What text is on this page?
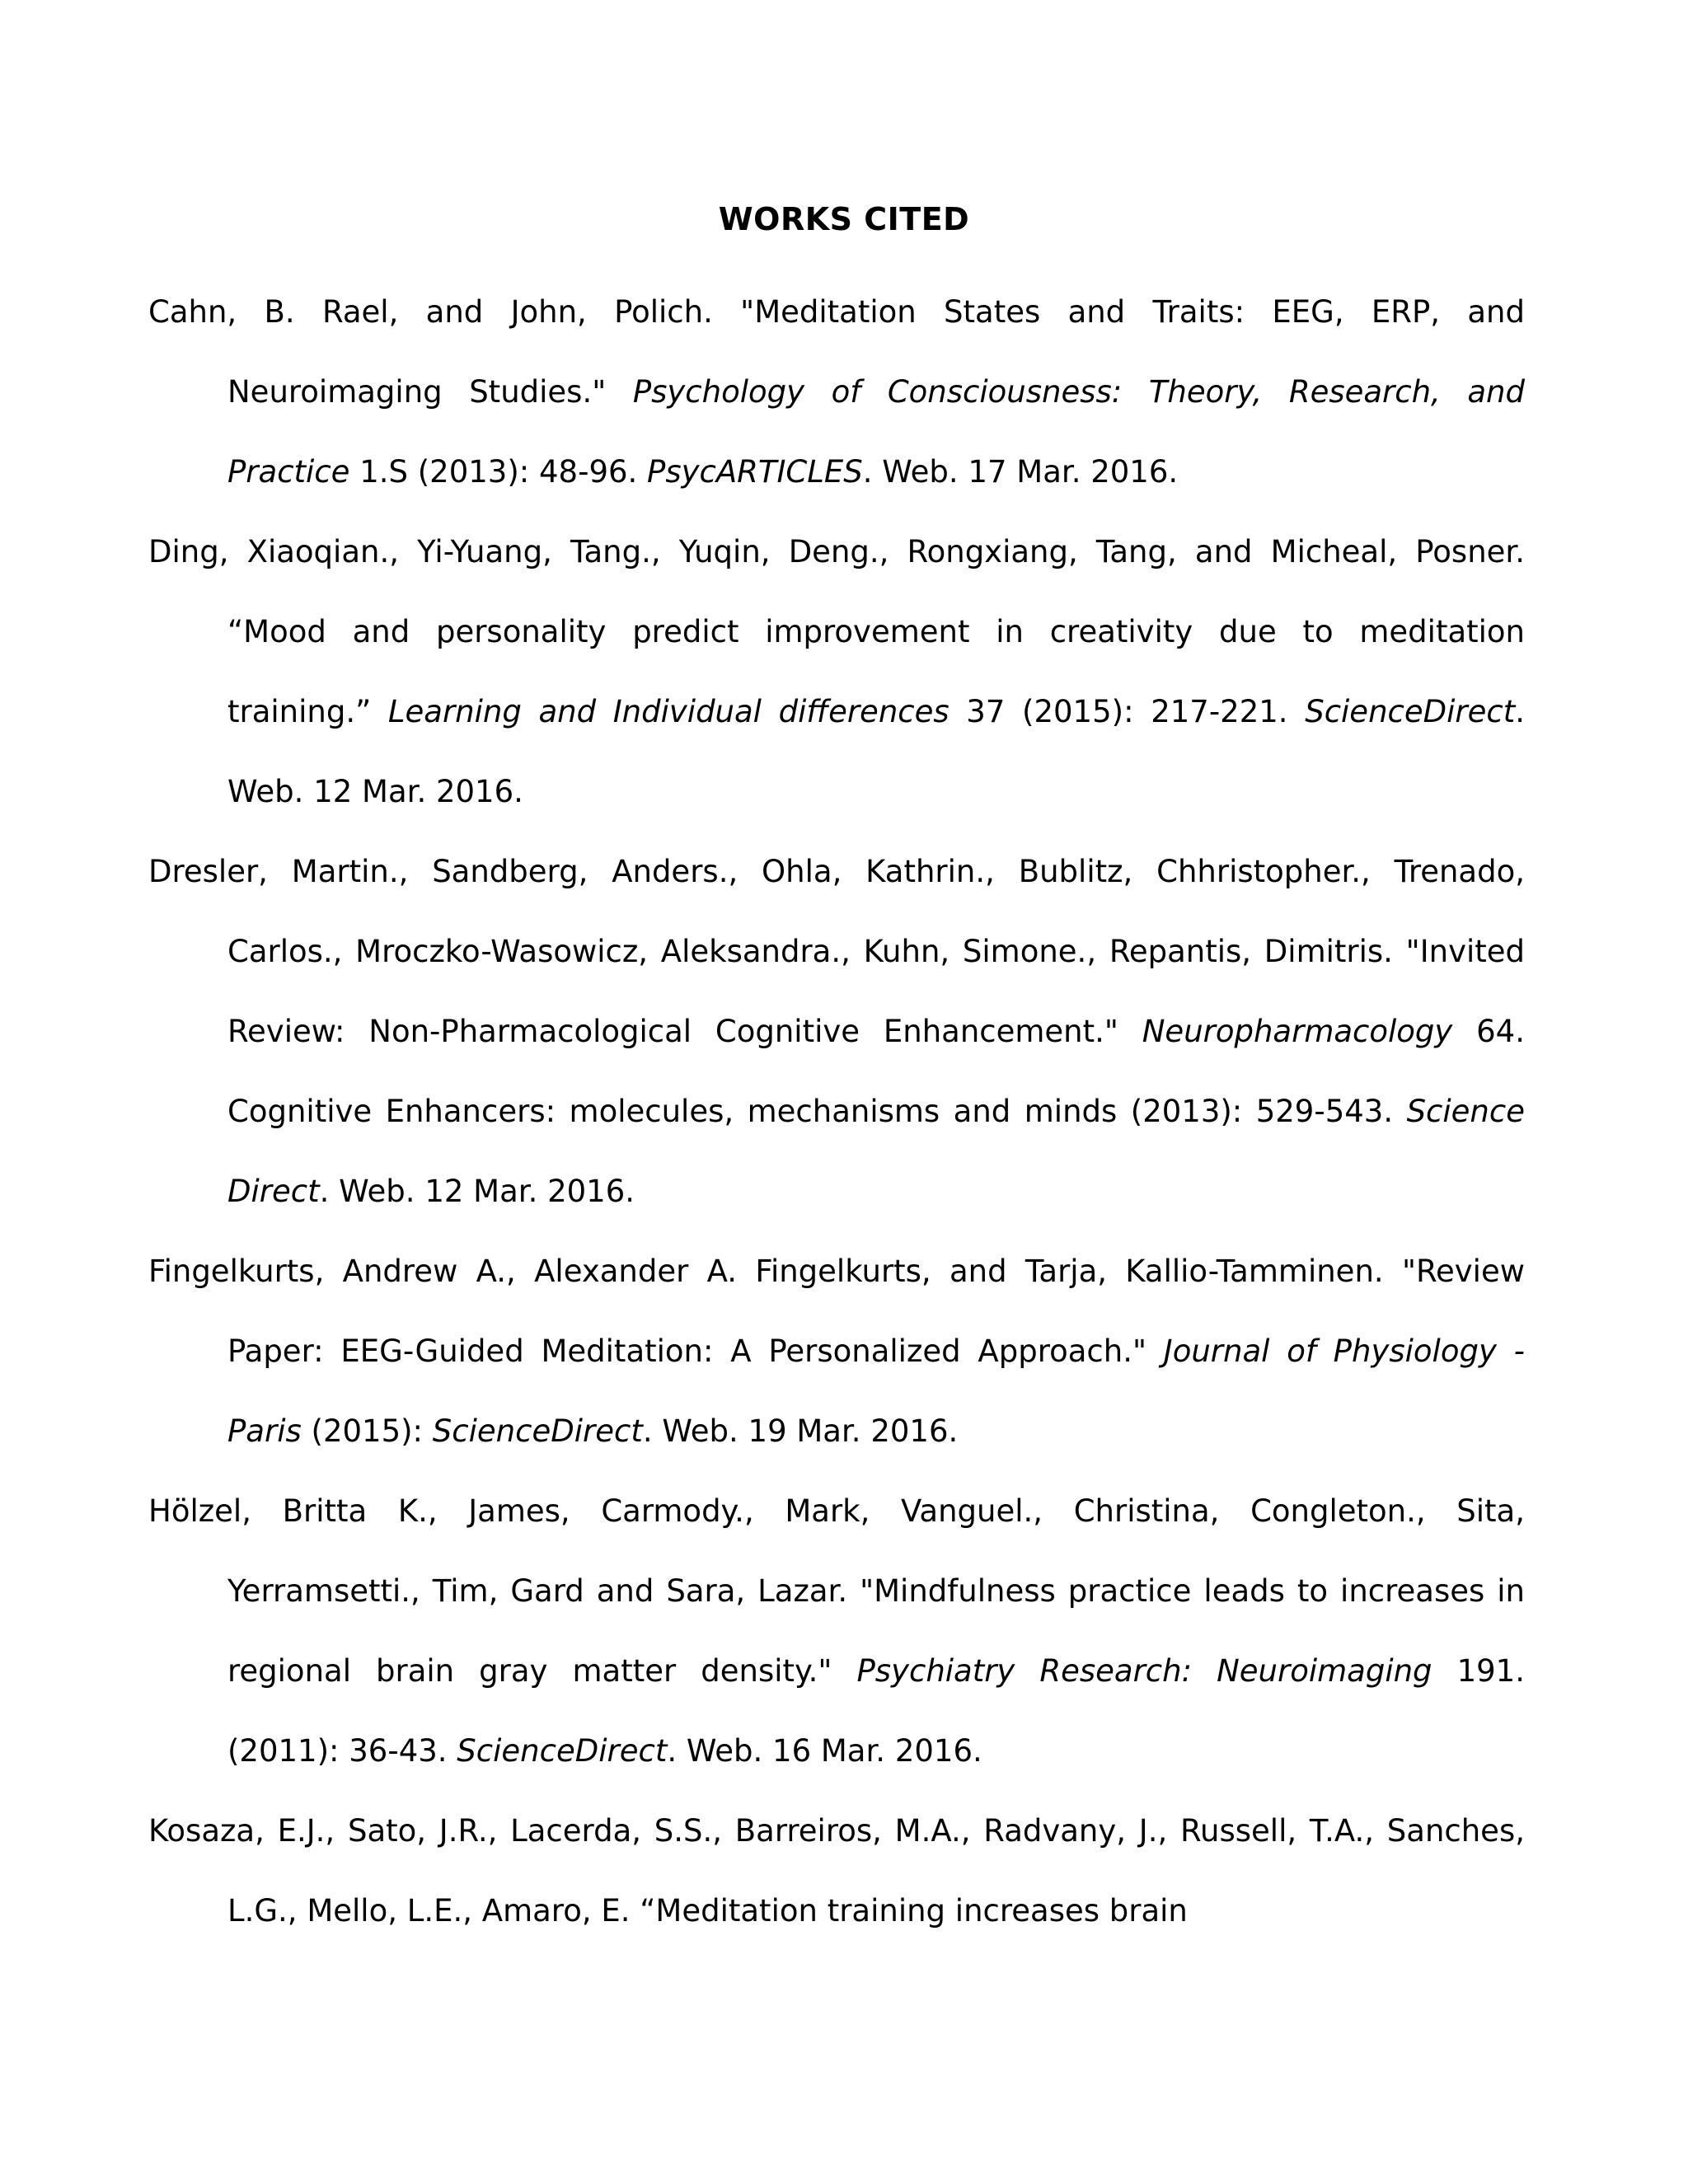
WORKS CITED

Cahn, B. Rael, and John, Polich. "Meditation States and Traits: EEG, ERP, and Neuroimaging Studies." Psychology of Consciousness: Theory, Research, and Practice 1.S (2013): 48-96. PsycARTICLES. Web. 17 Mar. 2016.

Ding, Xiaoqian., Yi-Yuang, Tang., Yuqin, Deng., Rongxiang, Tang, and Micheal, Posner. “Mood and personality predict improvement in creativity due to meditation training.” Learning and Individual differences 37 (2015): 217-221. ScienceDirect. Web. 12 Mar. 2016.

Dresler, Martin., Sandberg, Anders., Ohla, Kathrin., Bublitz, Chhristopher., Trenado, Carlos., Mroczko-Wasowicz, Aleksandra., Kuhn, Simone., Repantis, Dimitris. "Invited Review: Non-Pharmacological Cognitive Enhancement." Neuropharmacology 64. Cognitive Enhancers: molecules, mechanisms and minds (2013): 529-543. Science Direct. Web. 12 Mar. 2016.

Fingelkurts, Andrew A., Alexander A. Fingelkurts, and Tarja, Kallio-Tamminen. "Review Paper: EEG-Guided Meditation: A Personalized Approach." Journal of Physiology - Paris (2015): ScienceDirect. Web. 19 Mar. 2016.

Hölzel, Britta K., James, Carmody., Mark, Vanguel., Christina, Congleton., Sita, Yerramsetti., Tim, Gard and Sara, Lazar. "Mindfulness practice leads to increases in regional brain gray matter density." Psychiatry Research: Neuroimaging 191. (2011): 36-43. ScienceDirect. Web. 16 Mar. 2016.

Kosaza, E.J., Sato, J.R., Lacerda, S.S., Barreiros, M.A., Radvany, J., Russell, T.A., Sanches, L.G., Mello, L.E., Amaro, E. “Meditation training increases brain
